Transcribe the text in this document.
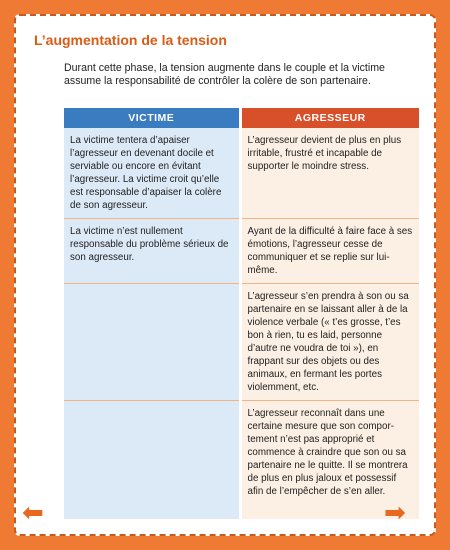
L’augmentation de la tension
Durant cette phase, la tension augmente dans le couple et la victime assume la responsabilité de contrôler la colère de son partenaire.
VICTIME	AGRESSEUR
La victime tentera d’apaiser l’agresseur en devenant docile et serviable ou encore en évitant l’agresseur. La victime croit qu’elle est responsable d’apaiser la colère de son agresseur.	L’agresseur devient de plus en plus irritable, frustré et incapable de supporter le moindre stress.
La victime n’est nullement responsable du problème sérieux de son agresseur.	Ayant de la difficulté à faire face à ses émotions, l’agresseur cesse de communiquer et se replie sur lui-même.
	L’agresseur s’en prendra à son ou sa partenaire en se laissant aller à de la violence verbale (« t’es grosse, t’es bon à rien, tu es laid, personne d’autre ne voudra de toi »), en frappant sur des objets ou des animaux, en fermant les portes violemment, etc.
	L’agresseur reconnaît dans une certaine mesure que son compor-tement n’est pas approprié et commence à craindre que son ou sa partenaire ne le quitte. Il se montrera de plus en plus jaloux et possessif afin de l’empêcher de s’en aller.
⬅	➡
